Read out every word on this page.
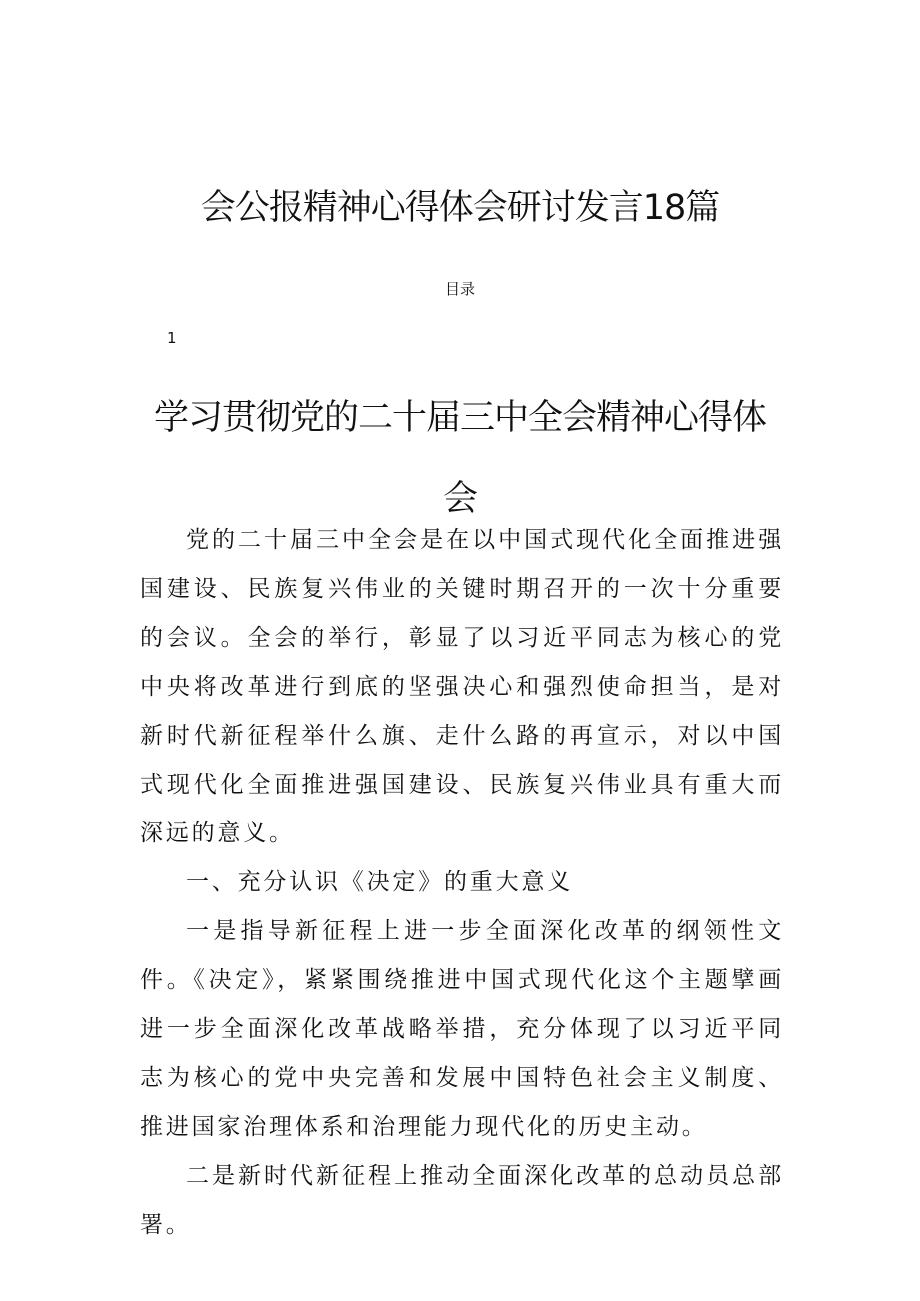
会公报精神心得体会研讨发言18篇
目录
1
学习贯彻党的二十届三中全会精神心得体会

党的二十届三中全会是在以中国式现代化全面推进强国建设、民族复兴伟业的关键时期召开的一次十分重要的会议。全会的举行，彰显了以习近平同志为核心的党中央将改革进行到底的坚强决心和强烈使命担当，是对新时代新征程举什么旗、走什么路的再宣示，对以中国式现代化全面推进强国建设、民族复兴伟业具有重大而深远的意义。

一、充分认识《决定》的重大意义

一是指导新征程上进一步全面深化改革的纲领性文件。《决定》，紧紧围绕推进中国式现代化这个主题擘画进一步全面深化改革战略举措，充分体现了以习近平同志为核心的党中央完善和发展中国特色社会主义制度、推进国家治理体系和治理能力现代化的历史主动。

二是新时代新征程上推动全面深化改革的总动员总部署。
